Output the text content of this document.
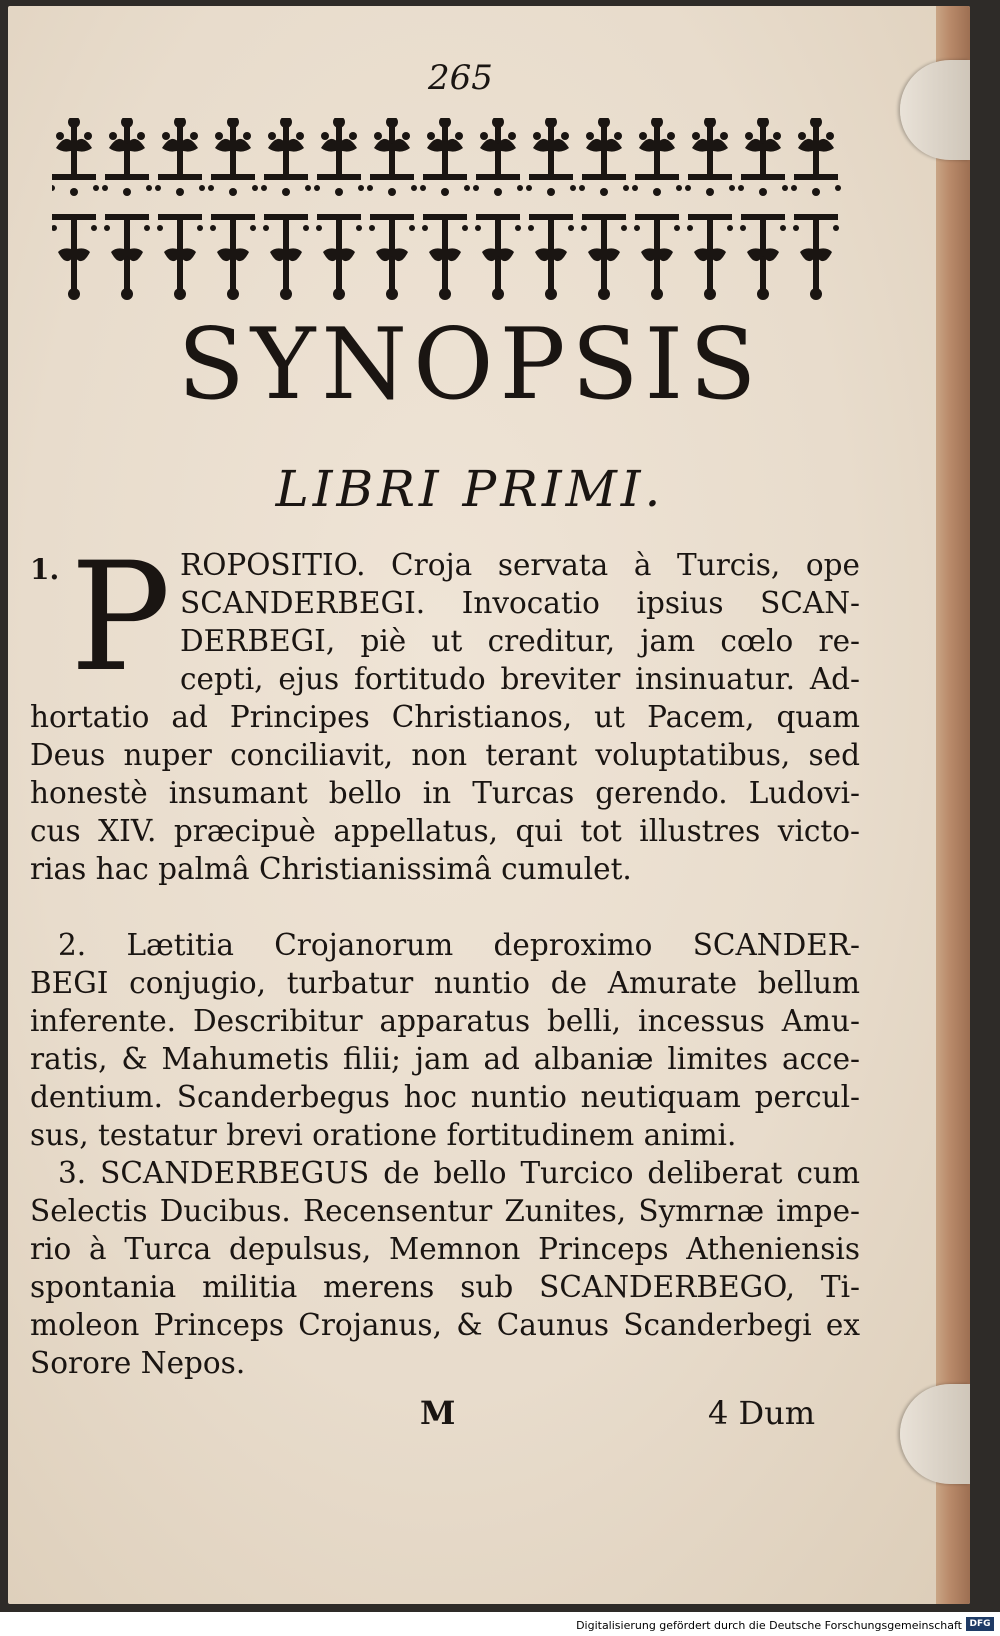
265
SYNOPSIS
LIBRI PRIMI.
1. P ROPOSITIO. Croja servata à Turcis, ope
SCANDERBEGI. Invocatio ipsius SCAN-
DERBEGI, piè ut creditur, jam cœlo re-
cepti, ejus fortitudo breviter insinuatur. Ad-
hortatio ad Principes Christianos, ut Pacem, quam
Deus nuper conciliavit, non terant voluptatibus, sed
honestè insumant bello in Turcas gerendo. Ludovi-
cus XIV. præcipuè appellatus, qui tot illustres victo-
rias hac palmâ Christianissimâ cumulet.
2. Lætitia Crojanorum deproximo SCANDER-
BEGI conjugio, turbatur nuntio de Amurate bellum
inferente. Describitur apparatus belli, incessus Amu-
ratis, & Mahumetis filii; jam ad albaniæ limites acce-
dentium. Scanderbegus hoc nuntio neutiquam percul-
sus, testatur brevi oratione fortitudinem animi.
3. SCANDERBEGUS de bello Turcico deliberat cum
Selectis Ducibus. Recensentur Zunites, Symrnæ impe-
rio à Turca depulsus, Memnon Princeps Atheniensis
spontania militia merens sub SCANDERBEGO, Ti-
moleon Princeps Crojanus, & Caunus Scanderbegi ex
Sorore Nepos.
M	4 Dum
Digitalisierung gefördert durch die Deutsche Forschungsgemeinschaft DFG
